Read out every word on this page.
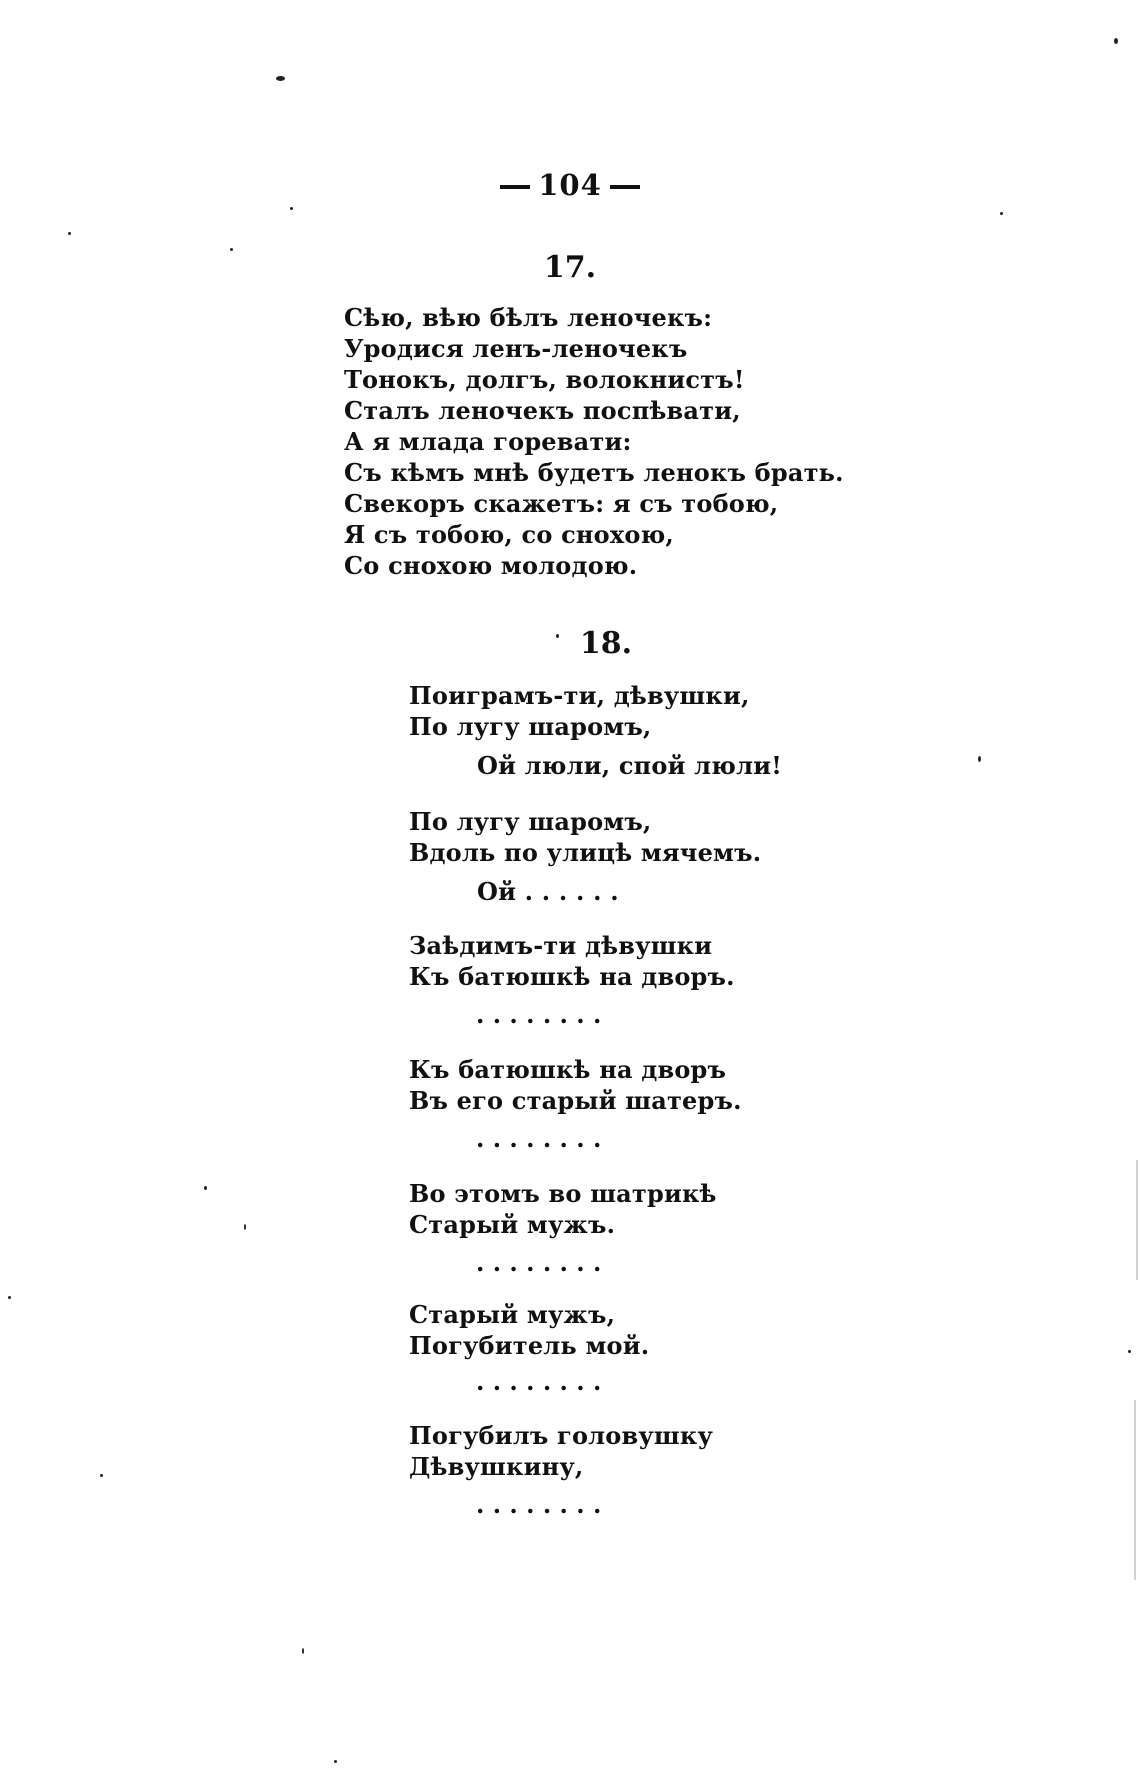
104
17.
Сѣю, вѣю бѣлъ леночекъ:
Уродися ленъ-леночекъ
Тонокъ, долгъ, волокнистъ!
Сталъ леночекъ поспѣвати,
А я млада горевати:
Съ кѣмъ мнѣ будетъ ленокъ брать.
Свекоръ скажетъ: я съ тобою,
Я съ тобою, со снохою,
Со снохою молодою.
18.
Поиграмъ-ти, дѣвушки,
По лугу шаромъ,
Ой люли, спой люли!
По лугу шаромъ,
Вдоль по улицѣ мячемъ.
Ой . . . . . .
Заѣдимъ-ти дѣвушки
Къ батюшкѣ на дворъ.
. . . . . . . .
Къ батюшкѣ на дворъ
Въ его старый шатеръ.
. . . . . . . .
Во этомъ во шатрикѣ
Старый мужъ.
. . . . . . . .
Старый мужъ,
Погубитель мой.
. . . . . . . .
Погубилъ головушку
Дѣвушкину,
. . . . . . . .
